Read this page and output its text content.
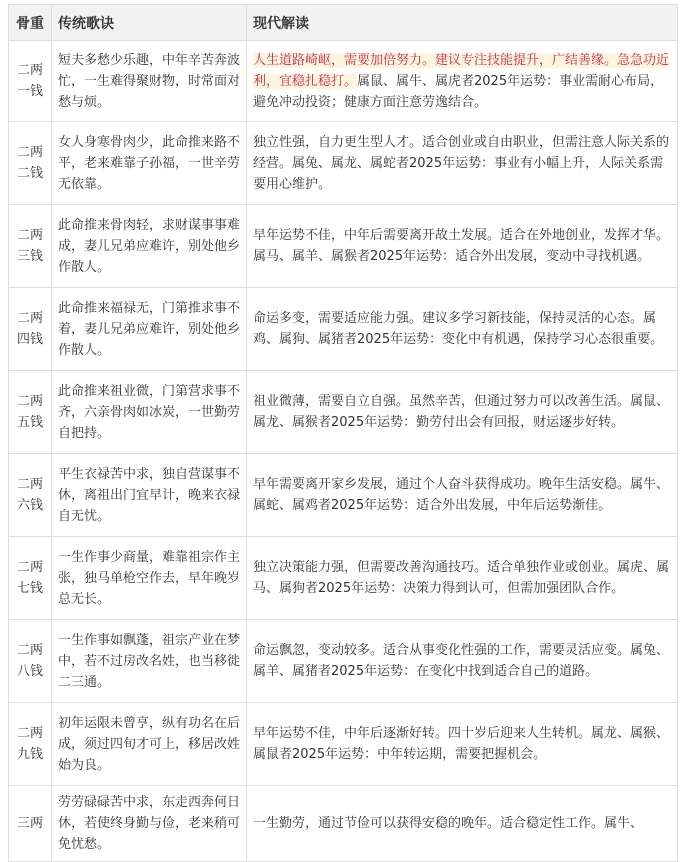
骨重	传统歌诀	现代解读
二两一钱	短夫多愁少乐趣，中年辛苦奔波忙，一生难得聚财物，时常面对愁与烦。	人生道路崎岖，需要加倍努力。建议专注技能提升，广结善缘。急急功近利，宜稳扎稳打。属鼠、属牛、属虎者2025年运势：事业需耐心布局，避免冲动投资；健康方面注意劳逸结合。
二两二钱	女人身寒骨肉少，此命推来路不平，老来难靠子孙福，一世辛劳无依靠。	独立性强，自力更生型人才。适合创业或自由职业，但需注意人际关系的经营。属兔、属龙、属蛇者2025年运势：事业有小幅上升，人际关系需要用心维护。
二两三钱	此命推来骨肉轻，求财谋事事难成，妻儿兄弟应难许，别处他乡作散人。	早年运势不佳，中年后需要离开故土发展。适合在外地创业，发挥才华。属马、属羊、属猴者2025年运势：适合外出发展，变动中寻找机遇。
二两四钱	此命推来福禄无，门第推求事不着，妻儿兄弟应难许，别处他乡作散人。	命运多变，需要适应能力强。建议多学习新技能，保持灵活的心态。属鸡、属狗、属猪者2025年运势：变化中有机遇，保持学习心态很重要。
二两五钱	此命推来祖业微，门第营求事不齐，六亲骨肉如冰炭，一世勤劳自把持。	祖业微薄，需要自立自强。虽然辛苦，但通过努力可以改善生活。属鼠、属龙、属猴者2025年运势：勤劳付出会有回报，财运逐步好转。
二两六钱	平生衣禄苦中求，独自营谋事不休，离祖出门宜早计，晚来衣禄自无忧。	早年需要离开家乡发展，通过个人奋斗获得成功。晚年生活安稳。属牛、属蛇、属鸡者2025年运势：适合外出发展，中年后运势渐佳。
二两七钱	一生作事少商量，难靠祖宗作主张，独马单枪空作去，早年晚岁总无长。	独立决策能力强，但需要改善沟通技巧。适合单独作业或创业。属虎、属马、属狗者2025年运势：决策力得到认可，但需加强团队合作。
二两八钱	一生作事如飘蓬，祖宗产业在梦中，若不过房改名姓，也当移徙二三通。	命运飘忽，变动较多。适合从事变化性强的工作，需要灵活应变。属兔、属羊、属猪者2025年运势：在变化中找到适合自己的道路。
二两九钱	初年运限未曾亨，纵有功名在后成，须过四旬才可上，移居改姓始为良。	早年运势不佳，中年后逐渐好转。四十岁后迎来人生转机。属龙、属猴、属鼠者2025年运势：中年转运期，需要把握机会。
三两	劳劳碌碌苦中求，东走西奔何日休，若使终身勤与俭，老来稍可免忧愁。	一生勤劳，通过节俭可以获得安稳的晚年。适合稳定性工作。属牛、
